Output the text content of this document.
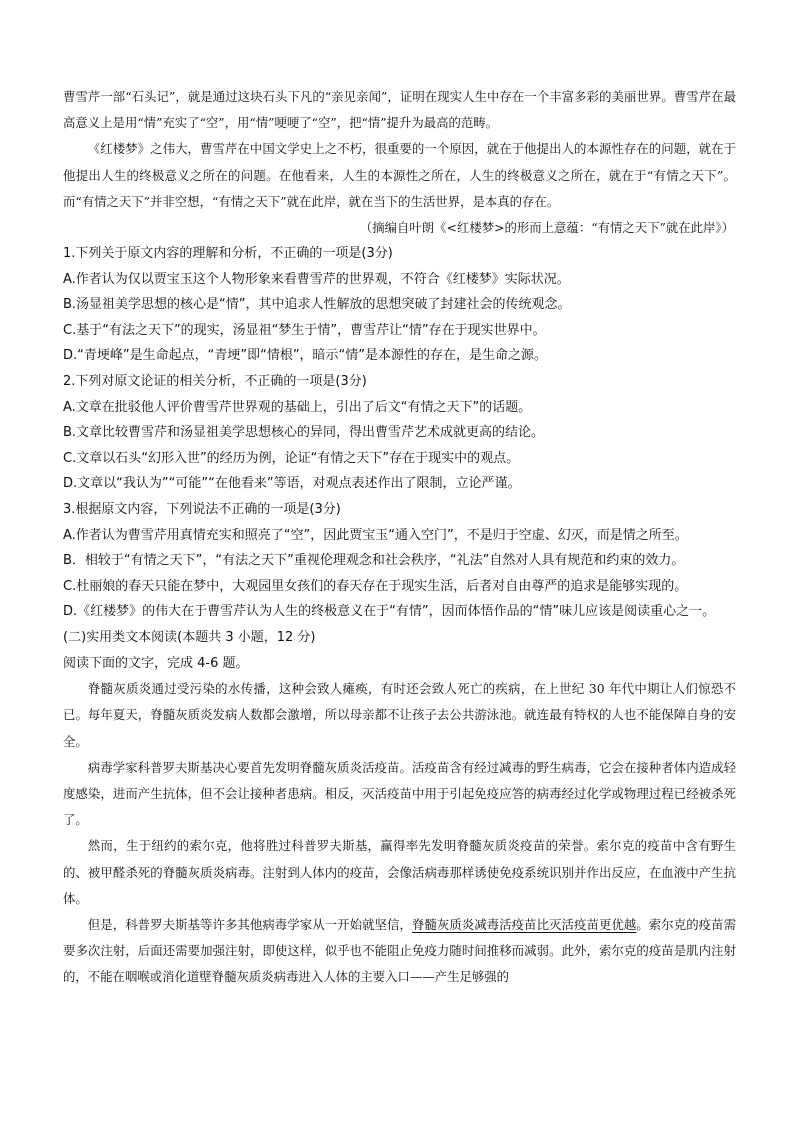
曹雪芹一部“石头记”，就是通过这块石头下凡的“亲见亲闻”，证明在现实人生中存在一个丰富多彩的美丽世界。曹雪芹在最高意义上是用“情”充实了“空”，用“情”哽哽了“空”，把“情”提升为最高的范畴。

《红楼梦》之伟大，曹雪芹在中国文学史上之不朽，很重要的一个原因，就在于他提出人的本源性存在的问题，就在于他提出人生的终极意义之所在的问题。在他看来，人生的本源性之所在，人生的终极意义之所在，就在于“有情之天下”。而“有情之天下”并非空想，“有情之天下”就在此岸，就在当下的生活世界，是本真的存在。

（摘编自叶朗《<红楼梦>的形而上意蕴：“有情之天下”就在此岸》）

1.下列关于原文内容的理解和分析，不正确的一项是(3分)

A.作者认为仅以贾宝玉这个人物形象来看曹雪芹的世界观，不符合《红楼梦》实际状况。

B.汤显祖美学思想的核心是“情”，其中追求人性解放的思想突破了封建社会的传统观念。

C.基于“有法之天下”的现实，汤显祖“梦生于情”，曹雪芹让“情”存在于现实世界中。

D.“青埂峰”是生命起点，“青埂”即“情根”，暗示“情”是本源性的存在，是生命之源。

2.下列对原文论证的相关分析，不正确的一项是(3分)

A.文章在批驳他人评价曹雪芹世界观的基础上，引出了后文“有情之天下”的话题。

B.文章比较曹雪芹和汤显祖美学思想核心的异同，得出曹雪芹艺术成就更高的结论。

C.文章以石头“幻形入世”的经历为例，论证“有情之天下”存在于现实中的观点。

D.文章以“我认为”“可能”“在他看来”等语，对观点表述作出了限制，立论严谨。

3.根据原文内容，下列说法不正确的一项是(3分)

A.作者认为曹雪芹用真情充实和照亮了“空”，因此贾宝玉“通入空门”，不是归于空虚、幻灭，而是情之所至。

B．相较于“有情之天下”，“有法之天下”重视伦理观念和社会秩序，“礼法”自然对人具有规范和约束的效力。

C.杜丽娘的春天只能在梦中，大观园里女孩们的春天存在于现实生活，后者对自由尊严的追求是能够实现的。

D.《红楼梦》的伟大在于曹雪芹认为人生的终极意义在于“有情”，因而体悟作品的“情”味儿应该是阅读重心之一。

(二)实用类文本阅读(本题共 3 小题，12 分)

阅读下面的文字，完成 4-6 题。

脊髓灰质炎通过受污染的水传播，这种会致人瘫痪，有时还会致人死亡的疾病，在上世纪 30 年代中期让人们惊恐不已。每年夏天，脊髓灰质炎发病人数都会激增，所以母亲都不让孩子去公共游泳池。就连最有特权的人也不能保障自身的安全。

病毒学家科普罗夫斯基决心要首先发明脊髓灰质炎活疫苗。活疫苗含有经过减毒的野生病毒，它会在接种者体内造成轻度感染，进而产生抗体，但不会让接种者患病。相反，灭活疫苗中用于引起免疫应答的病毒经过化学或物理过程已经被杀死了。

然而，生于纽约的索尔克，他将胜过科普罗夫斯基，赢得率先发明脊髓灰质炎疫苗的荣誉。索尔克的疫苗中含有野生的、被甲醛杀死的脊髓灰质炎病毒。注射到人体内的疫苗，会像活病毒那样诱使免疫系统识别并作出反应，在血液中产生抗体。

但是，科普罗夫斯基等许多其他病毒学家从一开始就坚信，脊髓灰质炎减毒活疫苗比灭活疫苗更优越。索尔克的疫苗需要多次注射，后面还需要加强注射，即使这样，似乎也不能阻止免疫力随时间推移而减弱。此外，索尔克的疫苗是肌内注射的，不能在咽喉或消化道壁脊髓灰质炎病毒进入人体的主要入口——产生足够强的
